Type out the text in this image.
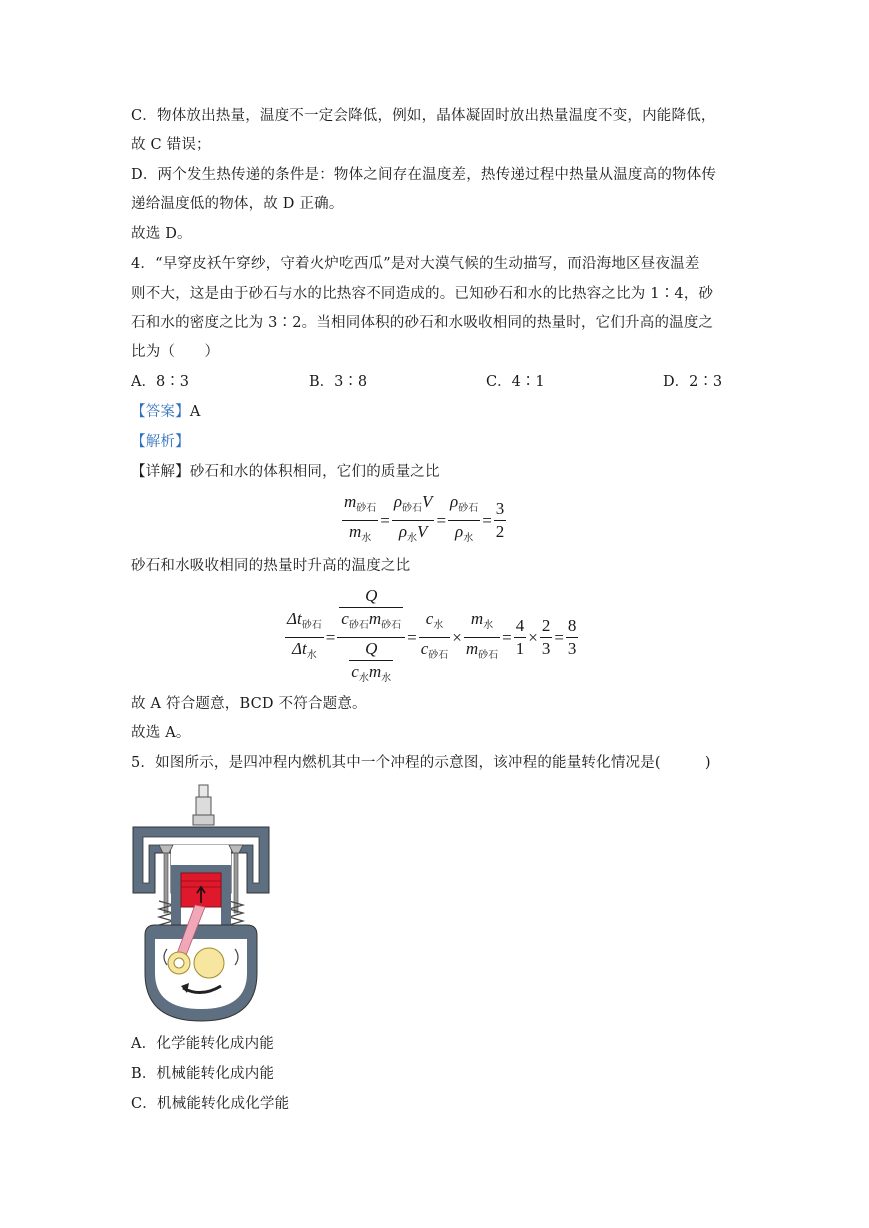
C．物体放出热量，温度不一定会降低，例如，晶体凝固时放出热量温度不变，内能降低，
故 C 错误；
D．两个发生热传递的条件是：物体之间存在温度差，热传递过程中热量从温度高的物体传
递给温度低的物体，故 D 正确。
故选 D。
4．“早穿皮袄午穿纱，守着火炉吃西瓜”是对大漠气候的生动描写，而沿海地区昼夜温差
则不大，这是由于砂石与水的比热容不同造成的。已知砂石和水的比热容之比为 1∶4，砂
石和水的密度之比为 3∶2。当相同体积的砂石和水吸收相同的热量时，它们升高的温度之
比为（　　）
A．8∶3	B．3∶8	C．4∶1	D．2∶3
【答案】A
【解析】
【详解】砂石和水的体积相同，它们的质量之比
$\frac{m_{砂石}}{m_水} = \frac{\rho_{砂石}V}{\rho_水V} = \frac{\rho_{砂石}}{\rho_水} = \frac{3}{2}$
砂石和水吸收相同的热量时升高的温度之比
$\frac{\Delta t_{砂石}}{\Delta t_水} = \frac{\frac{Q}{c_{砂石}m_{砂石}}}{\frac{Q}{c_水m_水}} = \frac{c_水}{c_{砂石}} \times \frac{m_水}{m_{砂石}} = \frac{4}{1} \times \frac{2}{3} = \frac{8}{3}$
故 A 符合题意，BCD 不符合题意。
故选 A。
5．如图所示，是四冲程内燃机其中一个冲程的示意图，该冲程的能量转化情况是(　　　)
A．化学能转化成内能
B．机械能转化成内能
C．机械能转化成化学能
